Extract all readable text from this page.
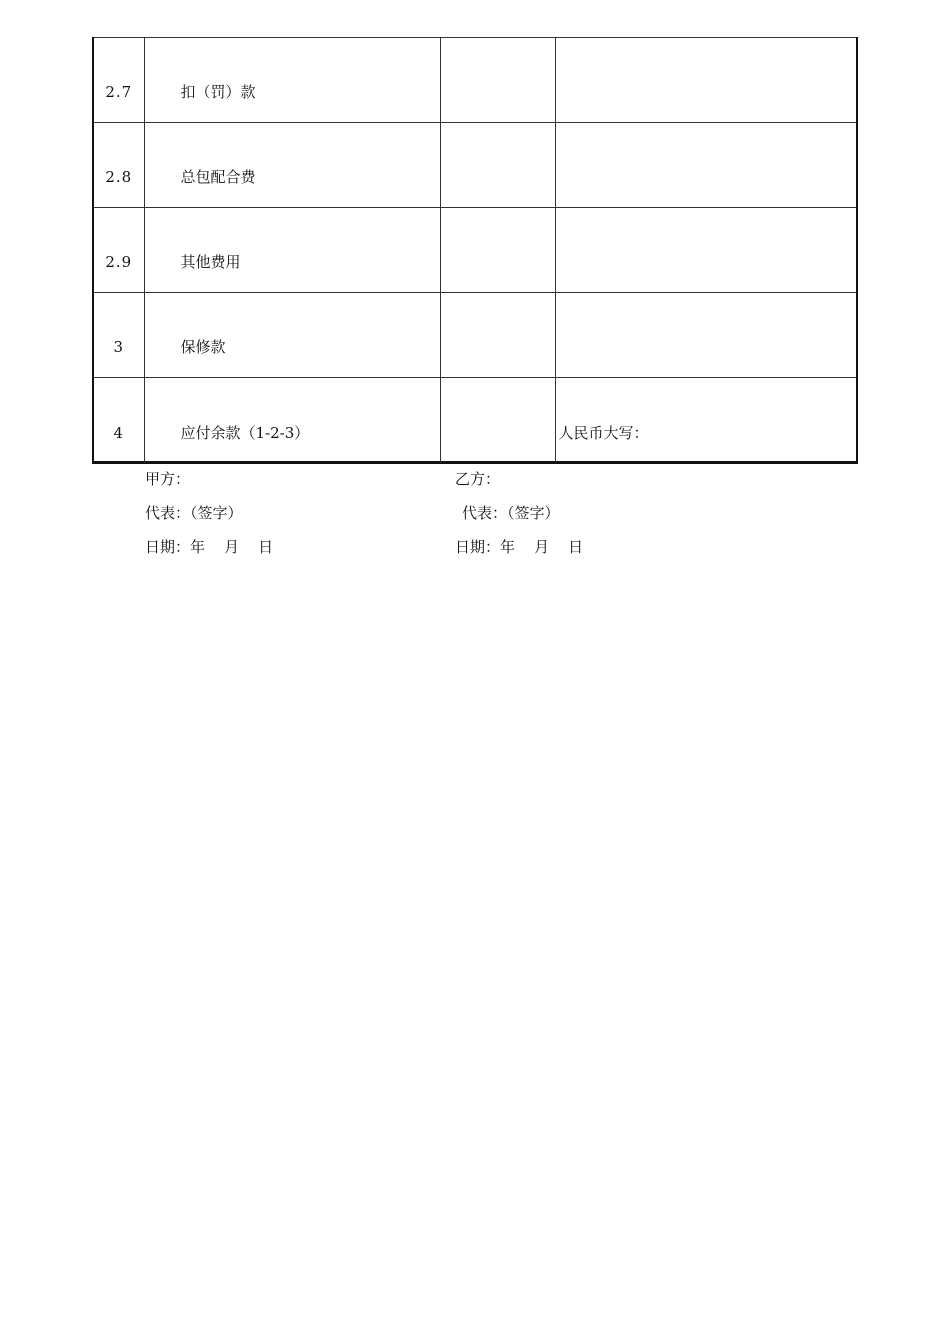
2.7	扣（罚）款		
2.8	总包配合费		
2.9	其他费用		
3	保修款		
4	应付余款（1-2-3）		人民币大写：
甲方：
代表：（签字）
日期：年    月    日
乙方：
代表：（签字）
日期：年    月    日
